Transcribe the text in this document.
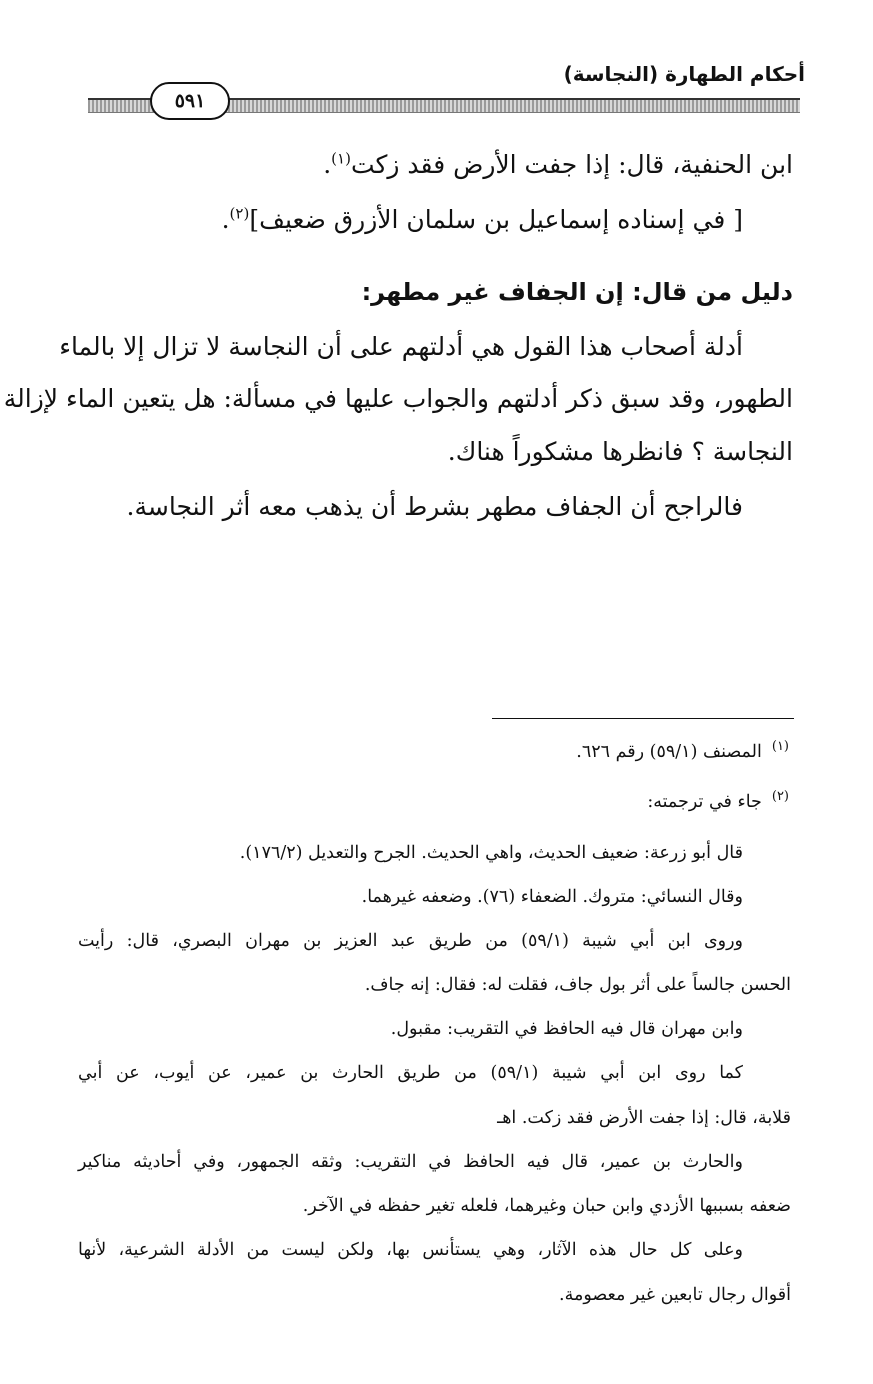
أحكام الطهارة (النجاسة)
٥٩١
ابن الحنفية، قال: إذا جفت الأرض فقد زكت$^{(١)}$.
[ في إسناده إسماعيل بن سلمان الأزرق ضعيف]$^{(٢)}$.
دليل من قال: إن الجفاف غير مطهر:
أدلة أصحاب هذا القول هي أدلتهم على أن النجاسة لا تزال إلا بالماء
الطهور، وقد سبق ذكر أدلتهم والجواب عليها في مسألة: هل يتعين الماء لإزالة
النجاسة ؟ فانظرها مشكوراً هناك.
فالراجح أن الجفاف مطهر بشرط أن يذهب معه أثر النجاسة.
$^{(١)}$المصنف (٥٩/١) رقم ٦٢٦.
$^{(٢)}$جاء في ترجمته:
قال أبو زرعة: ضعيف الحديث، واهي الحديث. الجرح والتعديل (١٧٦/٢).
وقال النسائي: متروك. الضعفاء (٧٦). وضعفه غيرهما.
وروى ابن أبي شيبة (٥٩/١) من طريق عبد العزيز بن مهران البصري، قال: رأيت
الحسن جالساً على أثر بول جاف، فقلت له: فقال: إنه جاف.
وابن مهران قال فيه الحافظ في التقريب: مقبول.
كما روى ابن أبي شيبة (٥٩/١) من طريق الحارث بن عمير، عن أيوب، عن أبي
قلابة، قال: إذا جفت الأرض فقد زكت. اهـ
والحارث بن عمير، قال فيه الحافظ في التقريب: وثقه الجمهور، وفي أحاديثه مناكير
ضعفه بسببها الأزدي وابن حبان وغيرهما، فلعله تغير حفظه في الآخر.
وعلى كل حال هذه الآثار، وهي يستأنس بها، ولكن ليست من الأدلة الشرعية، لأنها
أقوال رجال تابعين غير معصومة.
